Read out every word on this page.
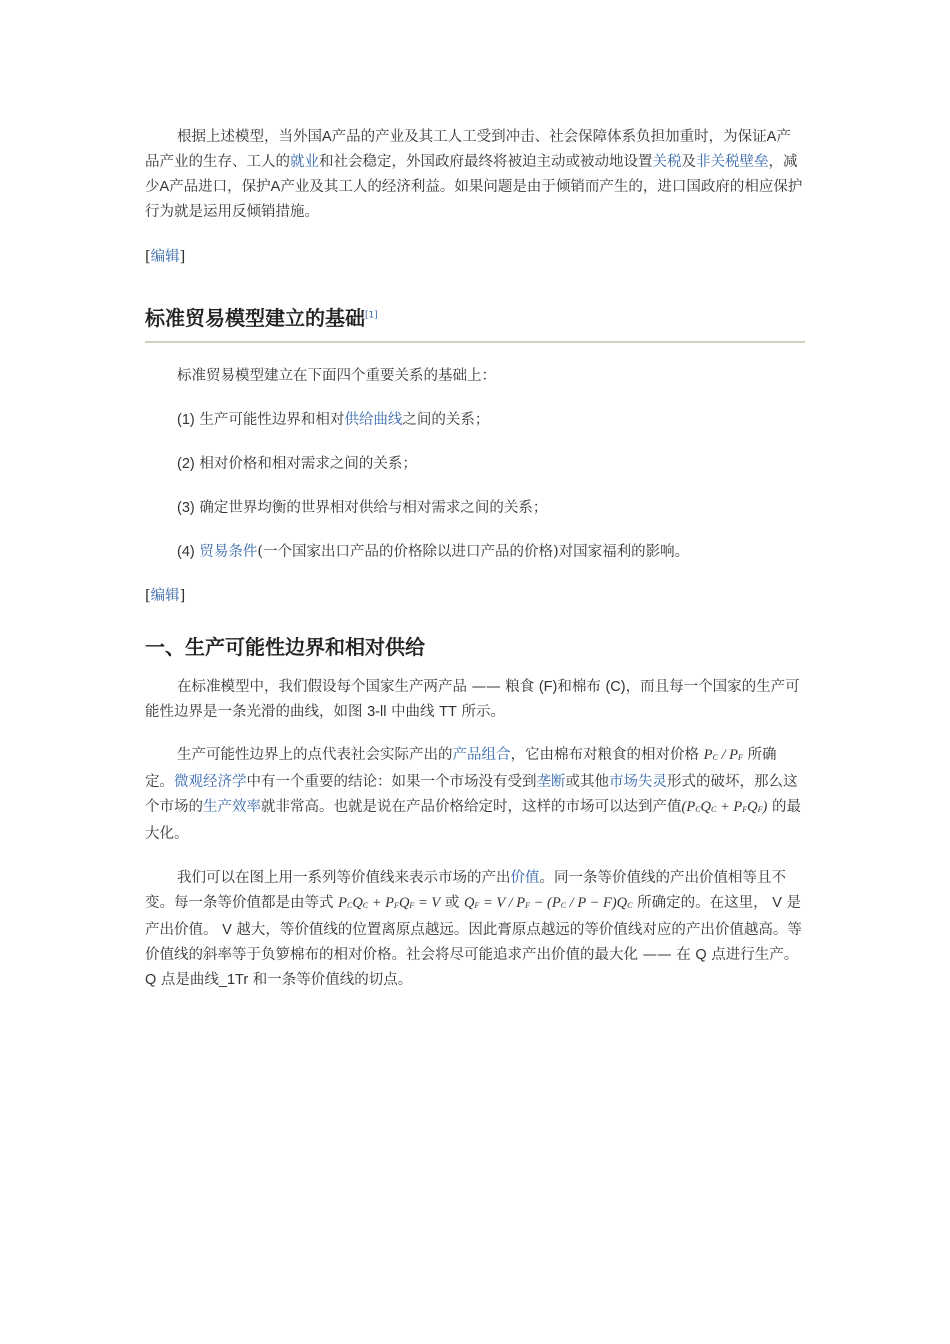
根据上述模型，当外国A产品的产业及其工人工受到冲击、社会保障体系负担加重时，为保证A产品产业的生存、工人的就业和社会稳定，外国政府最终将被迫主动或被动地设置关税及非关税壁垒，减少A产品进口，保护A产业及其工人的经济利益。如果问题是由于倾销而产生的，进口国政府的相应保护行为就是运用反倾销措施。

[编辑]

标准贸易模型建立的基础[1]

标准贸易模型建立在下面四个重要关系的基础上：

(1) 生产可能性边界和相对供给曲线之间的关系；

(2) 相对价格和相对需求之间的关系；

(3) 确定世界均衡的世界相对供给与相对需求之间的关系；

(4) 贸易条件(一个国家出口产品的价格除以进口产品的价格)对国家福利的影响。

[编辑]

一、生产可能性边界和相对供给

在标准模型中，我们假设每个国家生产两产品 —— 粮食 (F)和棉布 (C)，而且每一个国家的生产可能性边界是一条光滑的曲线，如图 3-ll 中曲线 TT 所示。

生产可能性边界上的点代表社会实际产出的产品组合，它由棉布对粮食的相对价格 $P_C / P_F$ 所确定。微观经济学中有一个重要的结论：如果一个市场没有受到垄断或其他市场失灵形式的破坏，那么这个市场的生产效率就非常高。也就是说在产品价格给定时，这样的市场可以达到产值$(P_CQ_C + P_FQ_F)$ 的最大化。

我们可以在图上用一系列等价值线来表示市场的产出价值。同一条等价值线的产出价值相等且不变。每一条等价值都是由等式 $P_CQ_C + P_FQ_F = V$ 或 $Q_F = V / P_F - (P_C / P - F)Q_C$ 所确定的。在这里， V 是产出价值。 V 越大，等价值线的位置离原点越远。因此膏原点越远的等价值线对应的产出价值越高。等价值线的斜率等于负箩棉布的相对价格。社会将尽可能追求产出价值的最大化 —— 在 Q 点进行生产。 Q 点是曲线_1Tr 和一条等价值线的切点。
